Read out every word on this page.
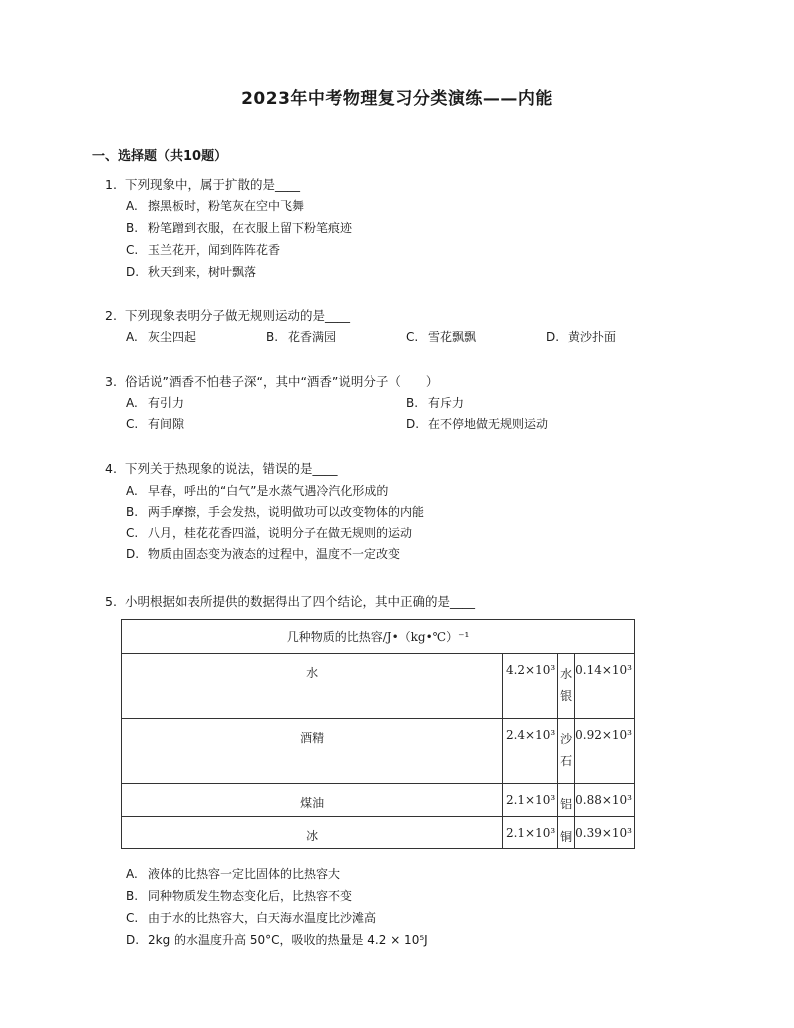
2023年中考物理复习分类演练——内能
一、选择题（共10题）
1. 下列现象中，属于扩散的是____
A. 擦黑板时，粉笔灰在空中飞舞
B. 粉笔蹭到衣服，在衣服上留下粉笔痕迹
C. 玉兰花开，闻到阵阵花香
D. 秋天到来，树叶飘落
2. 下列现象表明分子做无规则运动的是____
A. 灰尘四起	B. 花香满园	C. 雪花飘飘	D. 黄沙扑面
3. 俗话说”酒香不怕巷子深“，其中“酒香”说明分子（　　）
A. 有引力	B. 有斥力
C. 有间隙	D. 在不停地做无规则运动
4. 下列关于热现象的说法，错误的是____
A. 早春，呼出的“白气”是水蒸气遇冷汽化形成的
B. 两手摩擦，手会发热，说明做功可以改变物体的内能
C. 八月，桂花花香四溢，说明分子在做无规则的运动
D. 物质由固态变为液态的过程中，温度不一定改变
5. 小明根据如表所提供的数据得出了四个结论，其中正确的是____
几种物质的比热容/J•（kg•℃）⁻¹			
水	4.2×10³	水银	0.14×10³
酒精	2.4×10³	沙石	0.92×10³
煤油	2.1×10³	铝	0.88×10³
冰	2.1×10³	铜	0.39×10³
A. 液体的比热容一定比固体的比热容大
B. 同种物质发生物态变化后，比热容不变
C. 由于水的比热容大，白天海水温度比沙滩高
D. 2kg 的水温度升高 50°C，吸收的热量是 4.2 × 10⁵J
